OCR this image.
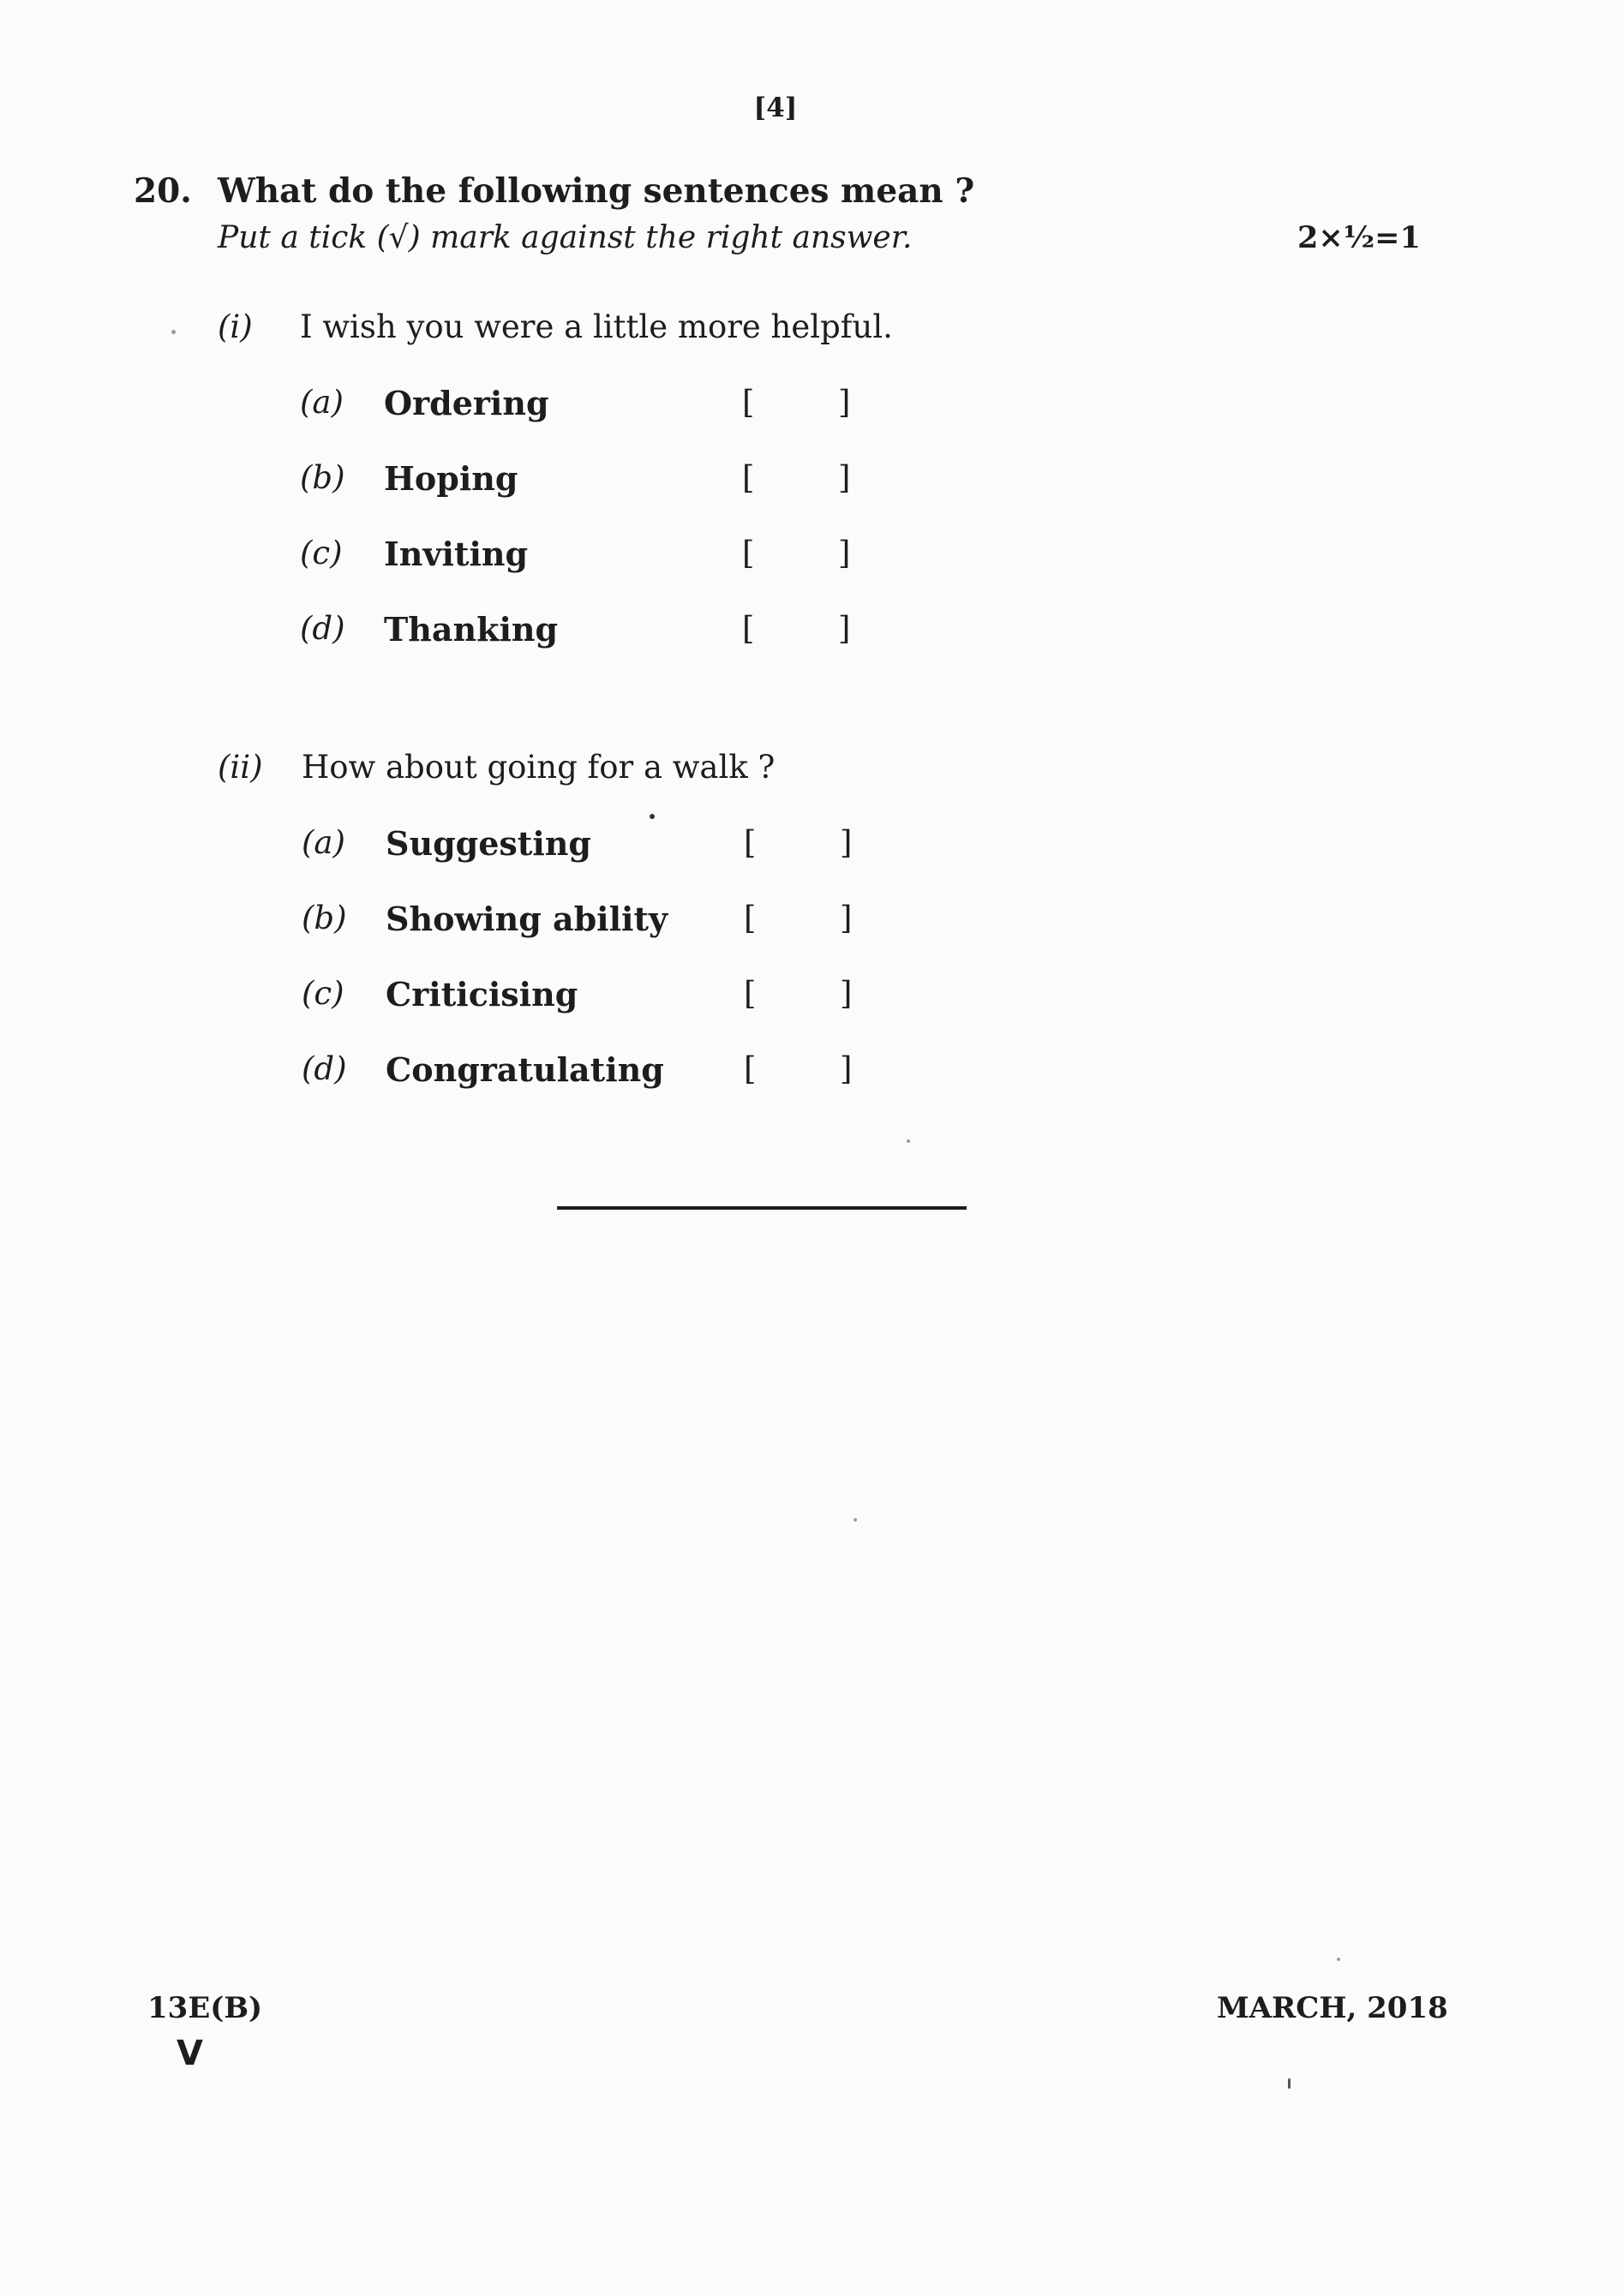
[4]
20. What do the following sentences mean ?
Put a tick (√) mark against the right answer.	2×½=1
(i) I wish you were a little more helpful.
(a) Ordering	[	]
(b) Hoping	[	]
(c) Inviting	[	]
(d) Thanking	[	]
(ii) How about going for a walk ?
(a) Suggesting	[	]
(b) Showing ability [	]
(c) Criticising	[	]
(d) Congratulating	[	]
13E(B)
V
MARCH, 2018
